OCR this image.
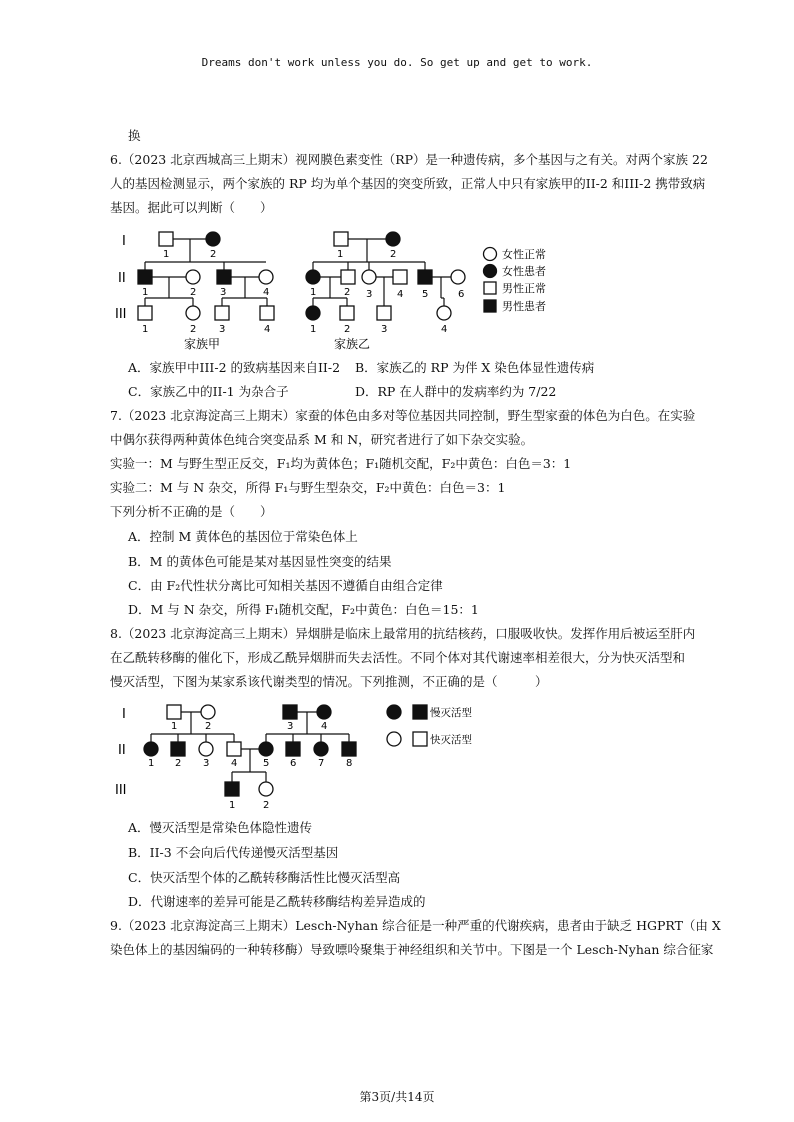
Dreams don't work unless you do. So get up and get to work.
换
6.（2023 北京西城高三上期末）视网膜色素变性（RP）是一种遗传病，多个基因与之有关。对两个家族 22
人的基因检测显示，两个家族的 RP 均为单个基因的突变所致，正常人中只有家族甲的II-2 和III-2 携带致病
基因。据此可以判断（　　）
I
II
III
1	2
1	2 3	4
1	2 3	4
家族甲
1	2
1	2 3 4 5	6
1	2	3	4
家族乙
女性正常
女性患者
男性正常
男性患者
A．家族甲中III-2 的致病基因来自II-2 B．家族乙的 RP 为伴 X 染色体显性遗传病
C．家族乙中的II-1 为杂合子	D．RP 在人群中的发病率约为 7/22
7.（2023 北京海淀高三上期末）家蚕的体色由多对等位基因共同控制，野生型家蚕的体色为白色。在实验
中偶尔获得两种黄体色纯合突变品系 M 和 N，研究者进行了如下杂交实验。
实验一：M 与野生型正反交，F₁均为黄体色；F₁随机交配，F₂中黄色：白色＝3：1
实验二：M 与 N 杂交，所得 F₁与野生型杂交，F₂中黄色：白色＝3：1
下列分析不正确的是（　　）
A．控制 M 黄体色的基因位于常染色体上
B．M 的黄体色可能是某对基因显性突变的结果
C．由 F₂代性状分离比可知相关基因不遵循自由组合定律
D．M 与 N 杂交，所得 F₁随机交配，F₂中黄色：白色＝15：1
8.（2023 北京海淀高三上期末）异烟肼是临床上最常用的抗结核药，口服吸收快。发挥作用后被运至肝内
在乙酰转移酶的催化下，形成乙酰异烟肼而失去活性。不同个体对其代谢速率相差很大，分为快灭活型和
慢灭活型，下图为某家系该代谢类型的情况。下列推测，不正确的是（　　　）
I
II
III
1	2	3	4
1 2 3 4	5 6 7 8
1	2
慢灭活型
快灭活型
A．慢灭活型是常染色体隐性遗传
B．II-3 不会向后代传递慢灭活型基因
C．快灭活型个体的乙酰转移酶活性比慢灭活型高
D．代谢速率的差异可能是乙酰转移酶结构差异造成的
9.（2023 北京海淀高三上期末）Lesch-Nyhan 综合征是一种严重的代谢疾病，患者由于缺乏 HGPRT（由 X
染色体上的基因编码的一种转移酶）导致嘌呤聚集于神经组织和关节中。下图是一个 Lesch-Nyhan 综合征家
第3页/共14页
